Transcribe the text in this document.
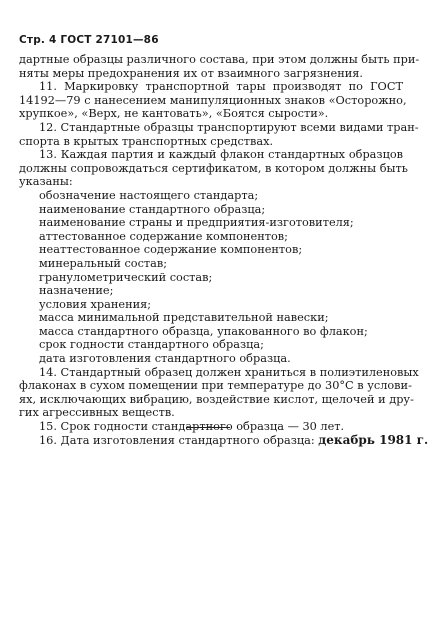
Стр. 4 ГОСТ 27101—86
дартные образцы различного состава, при этом должны быть при-
няты меры предохранения их от взаимного загрязнения.
11. Маркировку транспортной тары производят по ГОСТ
14192—79 с нанесением манипуляционных знаков «Осторожно,
хрупкое», «Верх, не кантовать», «Боятся сырости».
12. Стандартные образцы транспортируют всеми видами тран-
спорта в крытых транспортных средствах.
13. Каждая партия и каждый флакон стандартных образцов
должны сопровождаться сертификатом, в котором должны быть
указаны:
обозначение настоящего стандарта;
наименование стандартного образца;
наименование страны и предприятия-изготовителя;
аттестованное содержание компонентов;
неаттестованное содержание компонентов;
минеральный состав;
гранулометрический состав;
назначение;
условия хранения;
масса минимальной представительной навески;
масса стандартного образца, упакованного во флакон;
срок годности стандартного образца;
дата изготовления стандартного образца.
14. Стандартный образец должен храниться в полиэтиленовых
флаконах в сухом помещении при температуре до 30°С в услови-
ях, исключающих вибрацию, воздействие кислот, щелочей и дру-
гих агрессивных веществ.
15. Срок годности стандартного образца — 30 лет.
16. Дата изготовления стандартного образца: декабрь 1981 г.
